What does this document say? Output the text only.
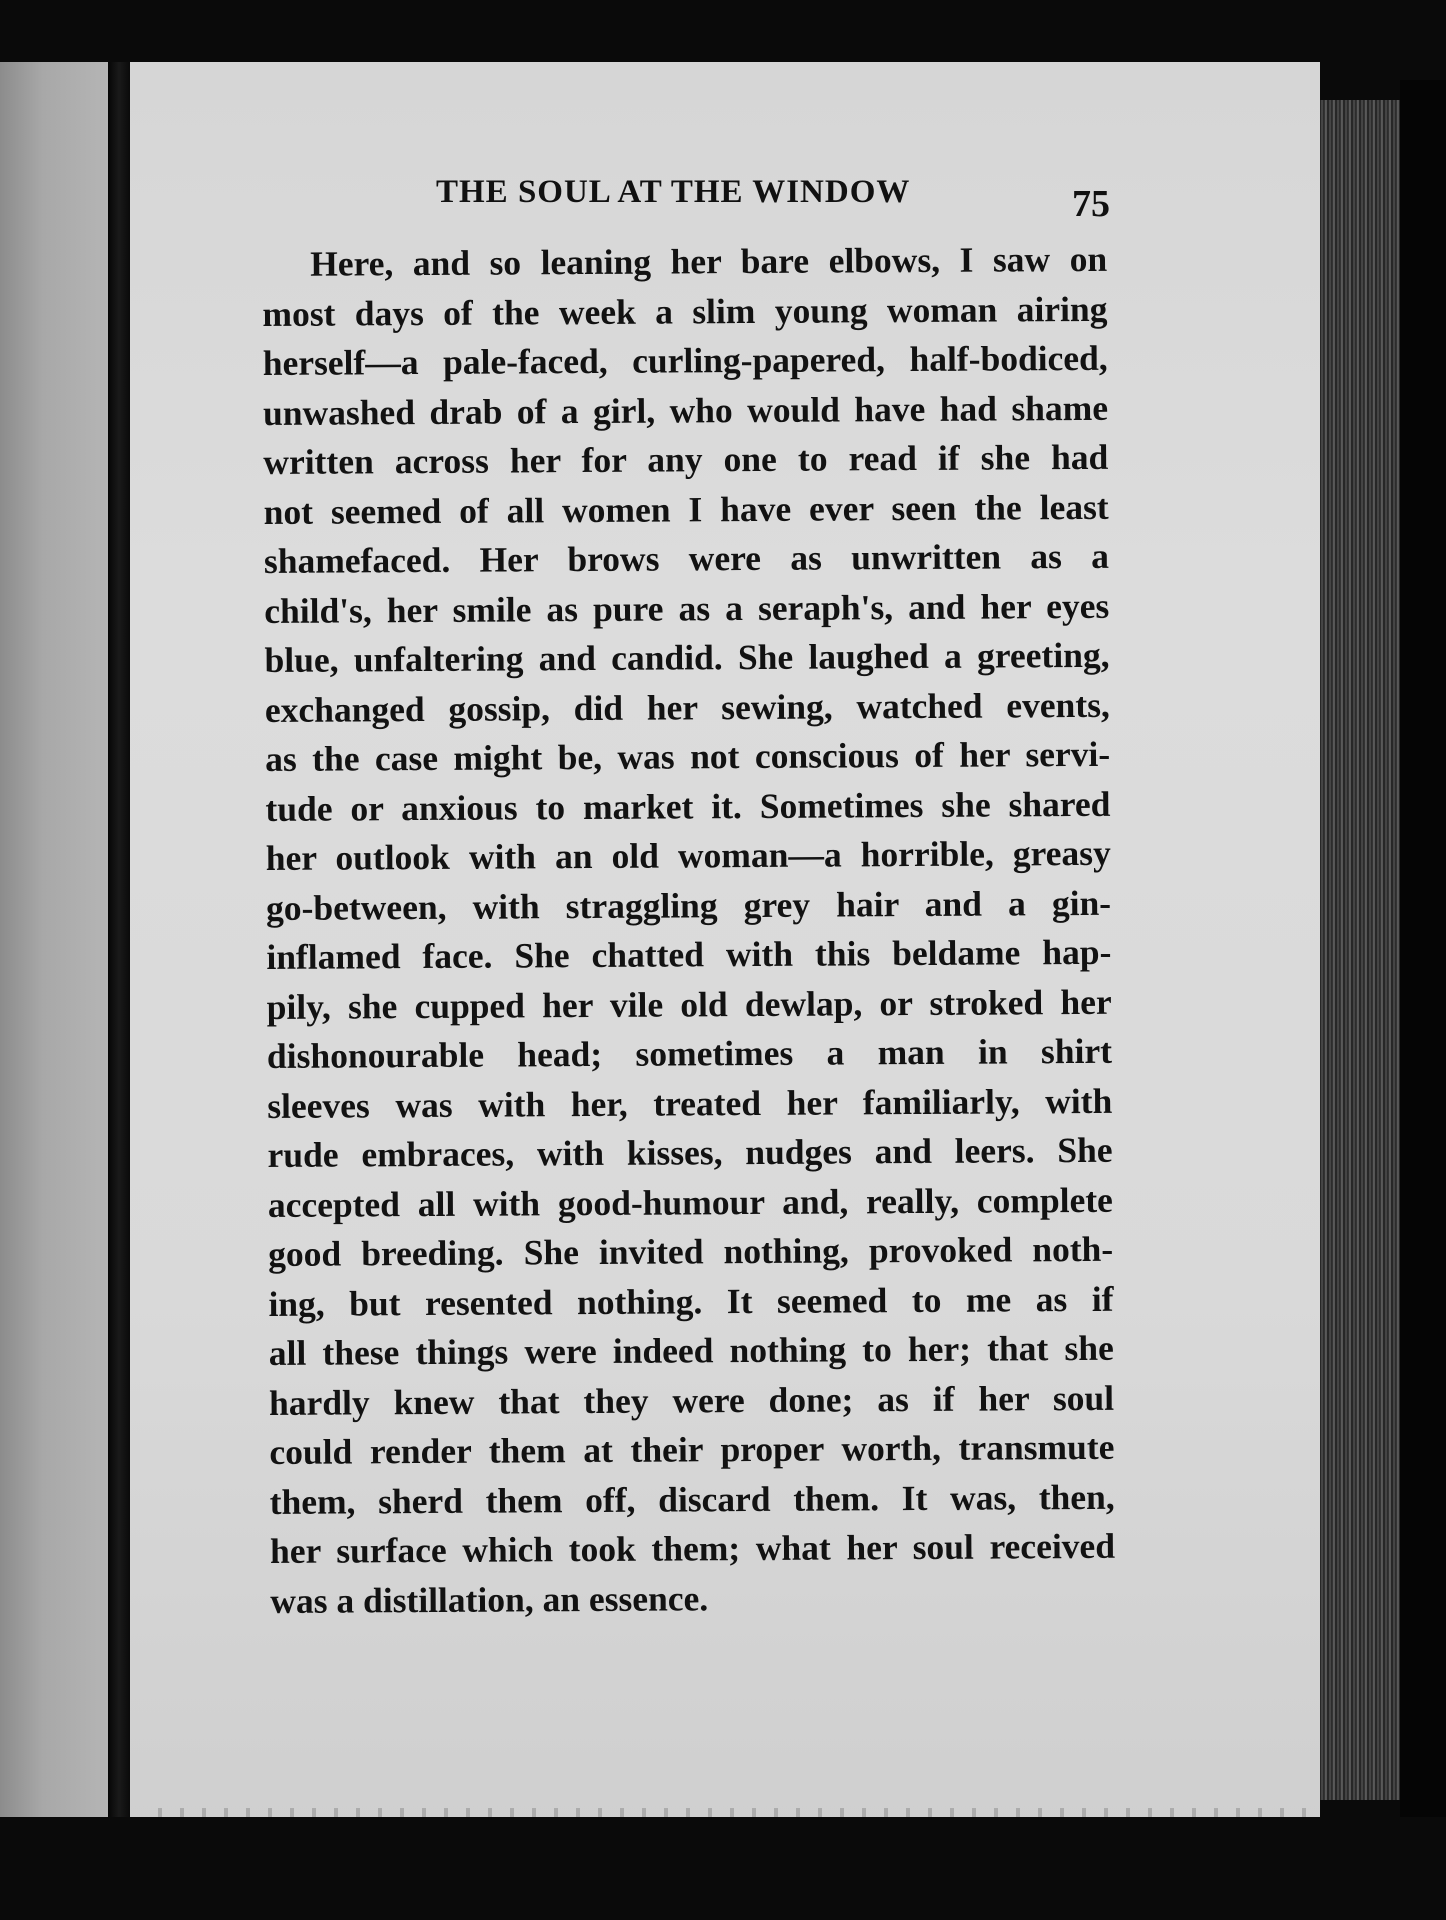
THE SOUL AT THE WINDOW	75
Here, and so leaning her bare elbows, I saw on
most days of the week a slim young woman airing
herself—a pale-faced, curling-papered, half-bodiced,
unwashed drab of a girl, who would have had shame
written across her for any one to read if she had
not seemed of all women I have ever seen the least
shamefaced. Her brows were as unwritten as a
child's, her smile as pure as a seraph's, and her eyes
blue, unfaltering and candid. She laughed a greeting,
exchanged gossip, did her sewing, watched events,
as the case might be, was not conscious of her servi-
tude or anxious to market it. Sometimes she shared
her outlook with an old woman—a horrible, greasy
go-between, with straggling grey hair and a gin-
inflamed face. She chatted with this beldame hap-
pily, she cupped her vile old dewlap, or stroked her
dishonourable head; sometimes a man in shirt
sleeves was with her, treated her familiarly, with
rude embraces, with kisses, nudges and leers. She
accepted all with good-humour and, really, complete
good breeding. She invited nothing, provoked noth-
ing, but resented nothing. It seemed to me as if
all these things were indeed nothing to her; that she
hardly knew that they were done; as if her soul
could render them at their proper worth, transmute
them, sherd them off, discard them. It was, then,
her surface which took them; what her soul received
was a distillation, an essence.
